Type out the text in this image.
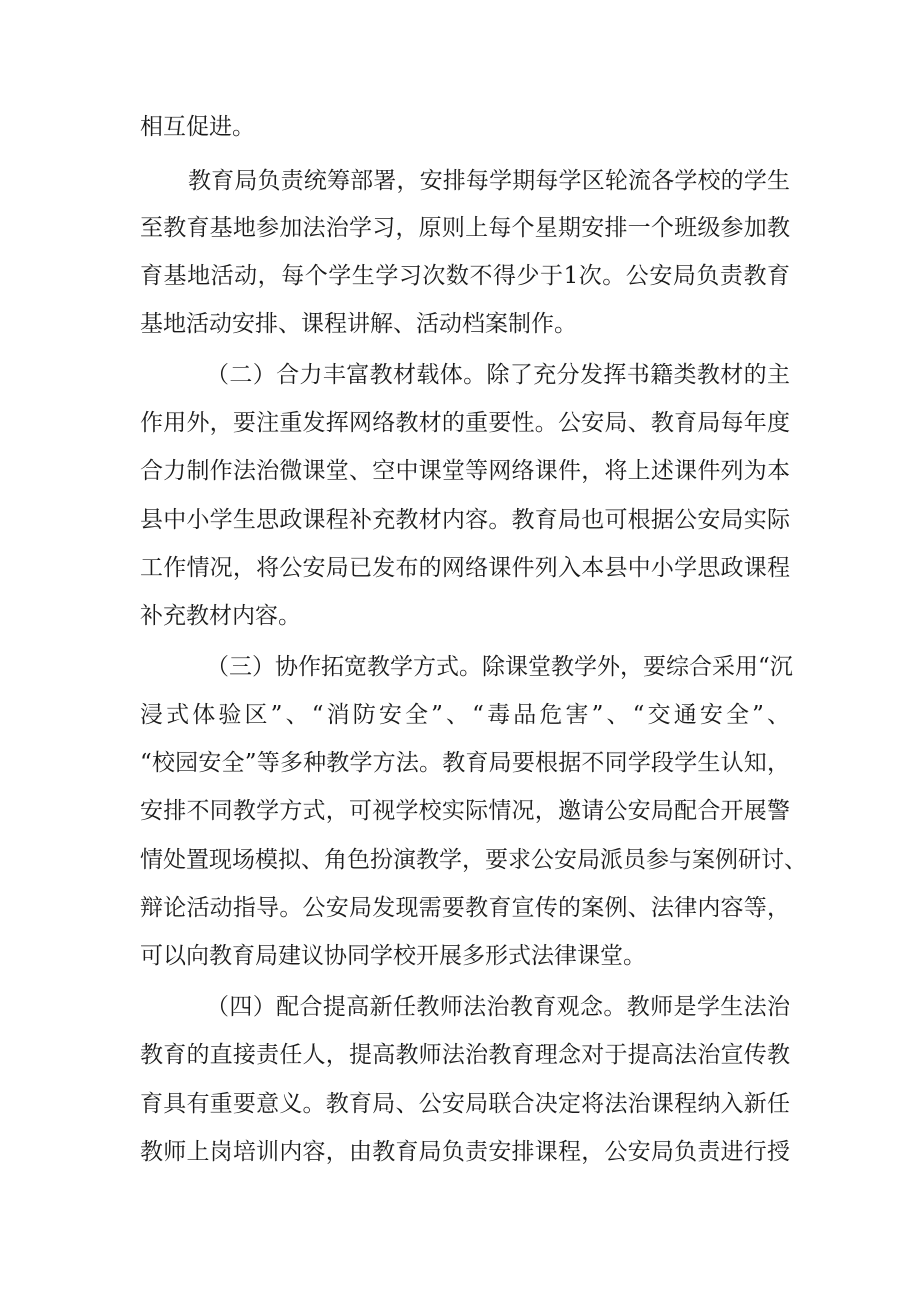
相互促进。
教育局负责统筹部署，安排每学期每学区轮流各学校的学生
至教育基地参加法治学习，原则上每个星期安排一个班级参加教
育基地活动，每个学生学习次数不得少于1次。公安局负责教育
基地活动安排、课程讲解、活动档案制作。
（二）合力丰富教材载体。除了充分发挥书籍类教材的主
作用外，要注重发挥网络教材的重要性。公安局、教育局每年度
合力制作法治微课堂、空中课堂等网络课件，将上述课件列为本
县中小学生思政课程补充教材内容。教育局也可根据公安局实际
工作情况，将公安局已发布的网络课件列入本县中小学思政课程
补充教材内容。
（三）协作拓宽教学方式。除课堂教学外，要综合采用“沉
浸式体验区”、“消防安全”、“毒品危害”、“交通安全”、
“校园安全”等多种教学方法。教育局要根据不同学段学生认知，
安排不同教学方式，可视学校实际情况，邀请公安局配合开展警
情处置现场模拟、角色扮演教学，要求公安局派员参与案例研讨、
辩论活动指导。公安局发现需要教育宣传的案例、法律内容等，
可以向教育局建议协同学校开展多形式法律课堂。
（四）配合提高新任教师法治教育观念。教师是学生法治
教育的直接责任人，提高教师法治教育理念对于提高法治宣传教
育具有重要意义。教育局、公安局联合决定将法治课程纳入新任
教师上岗培训内容，由教育局负责安排课程，公安局负责进行授
